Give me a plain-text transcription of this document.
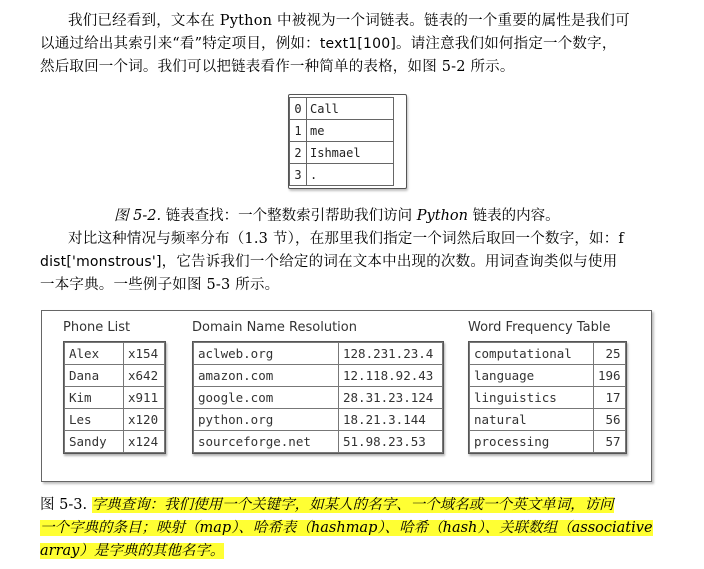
我们已经看到，文本在 Python 中被视为一个词链表。链表的一个重要的属性是我们可
以通过给出其索引来“看”特定项目，例如：text1[100]。请注意我们如何指定一个数字，
然后取回一个词。我们可以把链表看作一种简单的表格，如图 5-2 所示。
0	Call
1	me
2	Ishmael
3	.
图 5-2. 链表查找：一个整数索引帮助我们访问 Python 链表的内容。
对比这种情况与频率分布（1.3 节），在那里我们指定一个词然后取回一个数字，如：f
dist['monstrous']，它告诉我们一个给定的词在文本中出现的次数。用词查询类似与使用
一本字典。一些例子如图 5-3 所示。
Phone List
Alex	x154
Dana	x642
Kim	x911
Les	x120
Sandy	x124
Domain Name Resolution
aclweb.org	128.231.23.4
amazon.com	12.118.92.43
google.com	28.31.23.124
python.org	18.21.3.144
sourceforge.net	51.98.23.53
Word Frequency Table
computational	25
language	196
linguistics	17
natural	56
processing	57
图 5-3. 字典查询：我们使用一个关键字，如某人的名字、一个域名或一个英文单词，访问
一个字典的条目；映射（map）、哈希表（hashmap）、哈希（hash）、关联数组（associative
array）是字典的其他名字。
